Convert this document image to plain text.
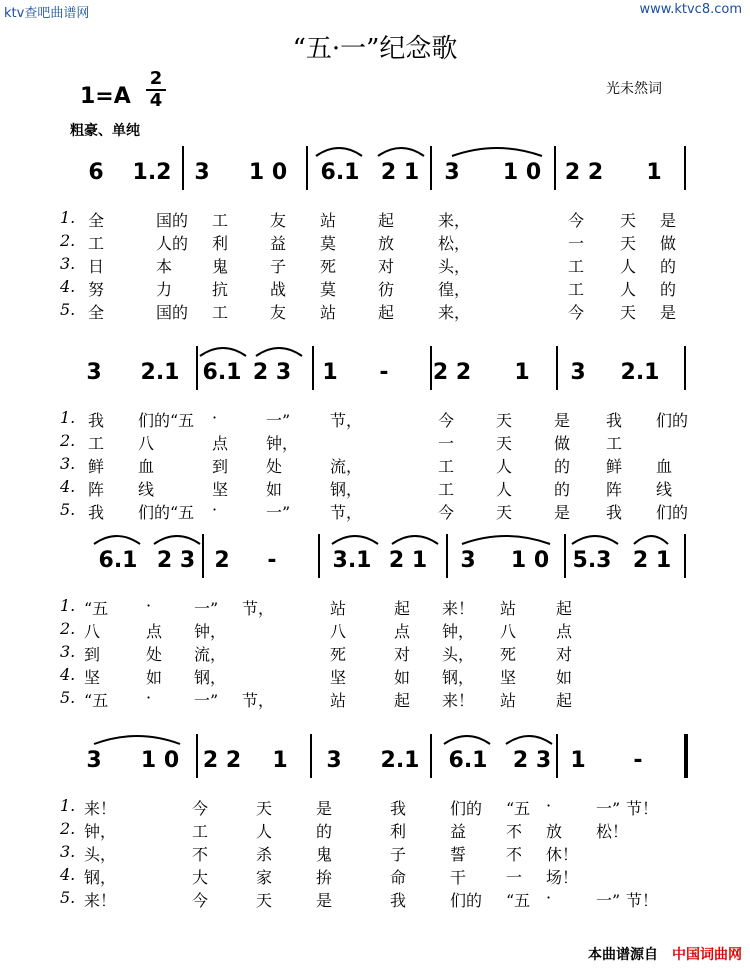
ktv查吧曲谱网	www.ktvc8.com
“五·一”纪念歌
1=A
2
4
光未然词
粗豪、单纯
6 1.2 3 1 0 6.1 2 1 3 1 0 2 2 1
1. 全	国的 工	友 站	起	来，	今 天 是
2. 工	人的 利	益 莫	放	松，	一 天 做
3. 日	本 鬼	子 死	对	头，	工 人 的
4. 努	力 抗	战 莫	彷	徨，	工 人 的
5. 全	国的 工	友 站	起	来，	今 天 是
3 2.1 6.1 2 3 1 - 2 2 1 3 2.1
1. 我 们的“五 ·	一” 节，	今	天	是 我 们的
2. 工 八	点 钟，	一	天	做 工
3. 鲜 血	到 处	流，	工	人	的 鲜 血
4. 阵 线	坚 如	钢，	工	人	的 阵 线
5. 我 们的“五 ·	一” 节，	今	天	是 我 们的
6.1 2 3 2 -	3.1 2 1 3 1 0 5.3 2 1
1. “五 ·	一” 节，	站	起 来！ 站 起
2. 八	点 钟，	八	点 钟， 八 点
3. 到	处 流，	死	对 头， 死 对
4. 坚	如 钢，	坚	如 钢， 坚 如
5. “五 ·	一” 节，	站	起 来！ 站 起
3 1 0 2 2 1 3 2.1 6.1 2 3 1 -
1. 来！	今	天	是	我	们的 “五 ·	一” 节！
2. 钟，	工	人	的	利	益 不 放 松！
3. 头，	不	杀	鬼	子	誓 不 休！
4. 钢，	大	家	拚	命	干 一 场！
5. 来！	今	天	是	我	们的 “五 ·	一” 节！
本曲谱源自 中国词曲网
